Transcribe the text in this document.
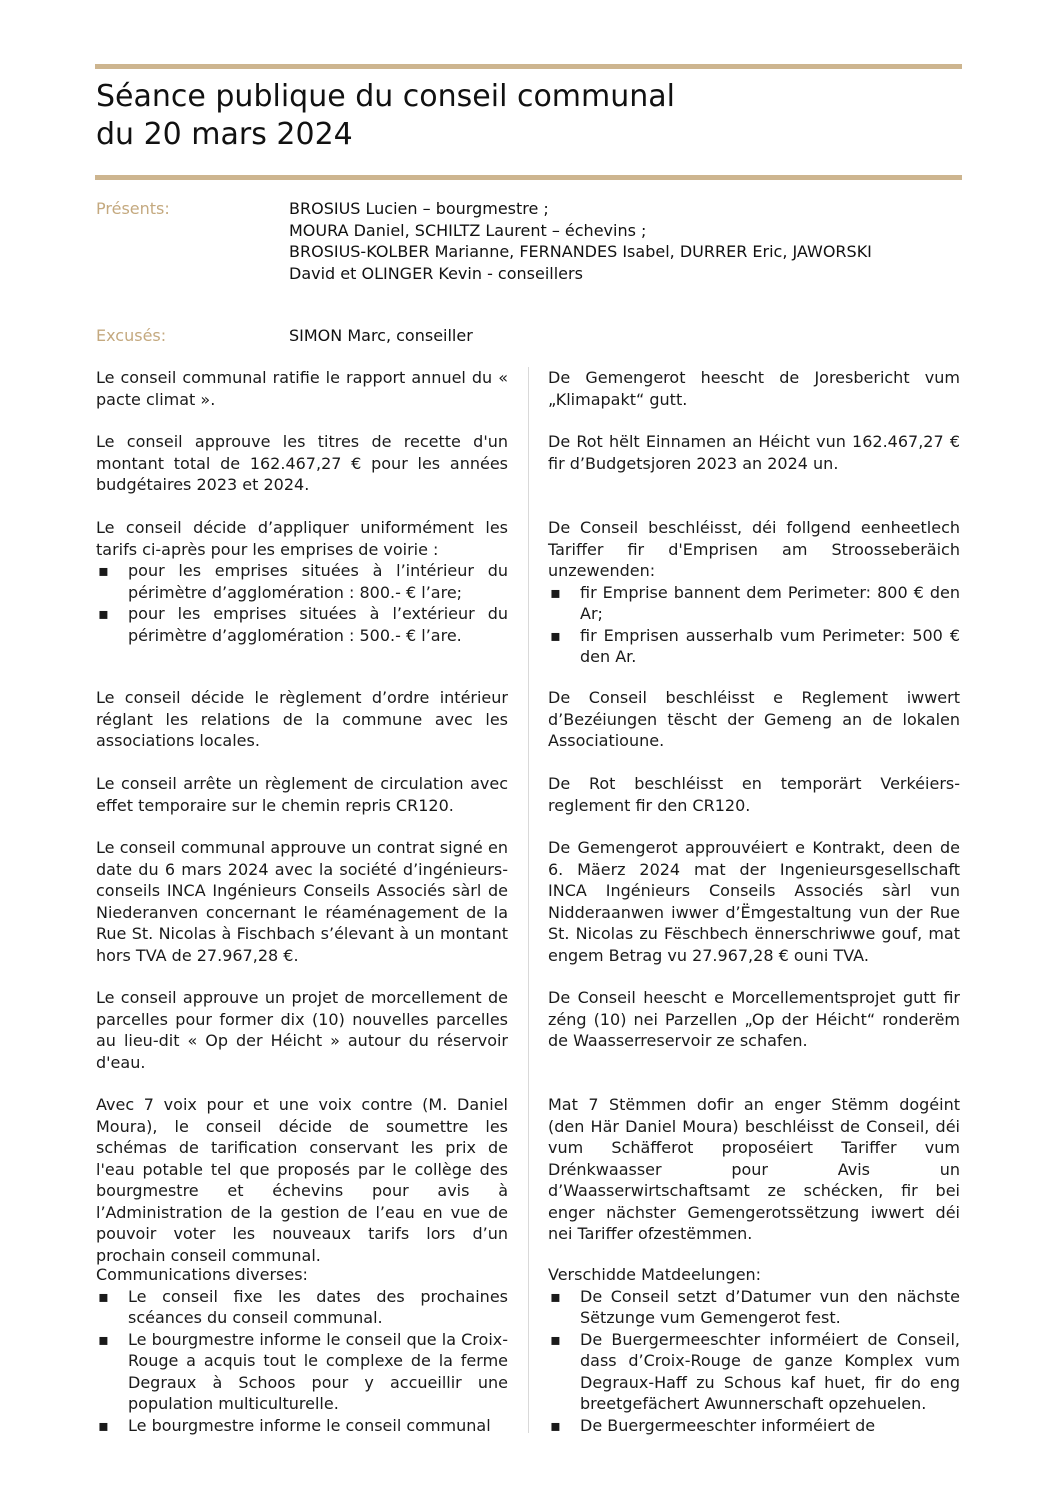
Séance publique du conseil communal
du 20 mars 2024
Présents:	BROSIUS Lucien – bourgmestre ;
MOURA Daniel, SCHILTZ Laurent – échevins ;
BROSIUS-KOLBER Marianne, FERNANDES Isabel, DURRER Eric, JAWORSKI
David et OLINGER Kevin - conseillers
Excusés:	SIMON Marc, conseiller

Le conseil communal ratifie le rapport annuel du « pacte climat ».

Le conseil approuve les titres de recette d'un montant total de 162.467,27 € pour les années budgétaires 2023 et 2024.

Le conseil décide d’appliquer uniformément les tarifs ci-après pour les emprises de voirie :

▪ pour les emprises situées à l’intérieur du périmètre d’agglomération : 800.- € l’are;
▪ pour les emprises situées à l’extérieur du périmètre d’agglomération : 500.- € l’are.

Le conseil décide le règlement d’ordre intérieur réglant les relations de la commune avec les associations locales.

Le conseil arrête un règlement de circulation avec effet temporaire sur le chemin repris CR120.

Le conseil communal approuve un contrat signé en date du 6 mars 2024 avec la société d’ingénieurs-conseils INCA Ingénieurs Conseils Associés sàrl de Niederanven concernant le réaménagement de la Rue St. Nicolas à Fischbach s’élevant à un montant hors TVA de 27.967,28 €.

Le conseil approuve un projet de morcellement de parcelles pour former dix (10) nouvelles parcelles au lieu-dit « Op der Héicht » autour du réservoir d'eau.

Avec 7 voix pour et une voix contre (M. Daniel Moura), le conseil décide de soumettre les schémas de tarification conservant les prix de l'eau potable tel que proposés par le collège des bourgmestre et échevins pour avis à l’Administration de la gestion de l’eau en vue de pouvoir voter les nouveaux tarifs lors d’un prochain conseil communal.

Communications diverses:

▪ Le conseil fixe les dates des prochaines scéances du conseil communal.
▪ Le bourgmestre informe le conseil que la Croix-Rouge a acquis tout le complexe de la ferme Degraux à Schoos pour y accueillir une population multiculturelle.
▪ Le bourgmestre informe le conseil communal

De Gemengerot heescht de Joresbericht vum „Klimapakt“ gutt.

De Rot hëlt Einnamen an Héicht vun 162.467,27 € fir d’Budgetsjoren 2023 an 2024 un.

De Conseil beschléisst, déi follgend eenheetlech Tariffer fir d'Emprisen am Stroosseberäich unzewenden:

▪ fir Emprise bannent dem Perimeter: 800 € den Ar;
▪ fir Emprisen ausserhalb vum Perimeter: 500 € den Ar.

De Conseil beschléisst e Reglement iwwert d’Bezéiungen tëscht der Gemeng an de lokalen Associatioune.

De Rot beschléisst en temporärt Verkéiers-reglement fir den CR120.

De Gemengerot approuvéiert e Kontrakt, deen de 6. Mäerz 2024 mat der Ingenieursgesellschaft INCA Ingénieurs Conseils Associés sàrl vun Nidderaanwen iwwer d’Ëmgestaltung vun der Rue St. Nicolas zu Fëschbech ënnerschriwwe gouf, mat engem Betrag vu 27.967,28 € ouni TVA.

De Conseil heescht e Morcellementsprojet gutt fir zéng (10) nei Parzellen „Op der Héicht“ ronderëm de Waasserreservoir ze schafen.

Mat 7 Stëmmen dofir an enger Stëmm dogéint (den Här Daniel Moura) beschléisst de Conseil, déi vum Schäfferot proposéiert Tariffer vum Drénkwaasser pour Avis un d’Waasserwirtschaftsamt ze schécken, fir bei enger nächster Gemengerotssëtzung iwwert déi nei Tariffer ofzestëmmen.

Verschidde Matdeelungen:

▪ De Conseil setzt d’Datumer vun den nächste Sëtzunge vum Gemengerot fest.
▪ De Buergermeeschter informéiert de Conseil, dass d’Croix-Rouge de ganze Komplex vum Degraux-Haff zu Schous kaf huet, fir do eng breetgefächert Awunnerschaft opzehuelen.
▪ De Buergermeeschter informéiert de
